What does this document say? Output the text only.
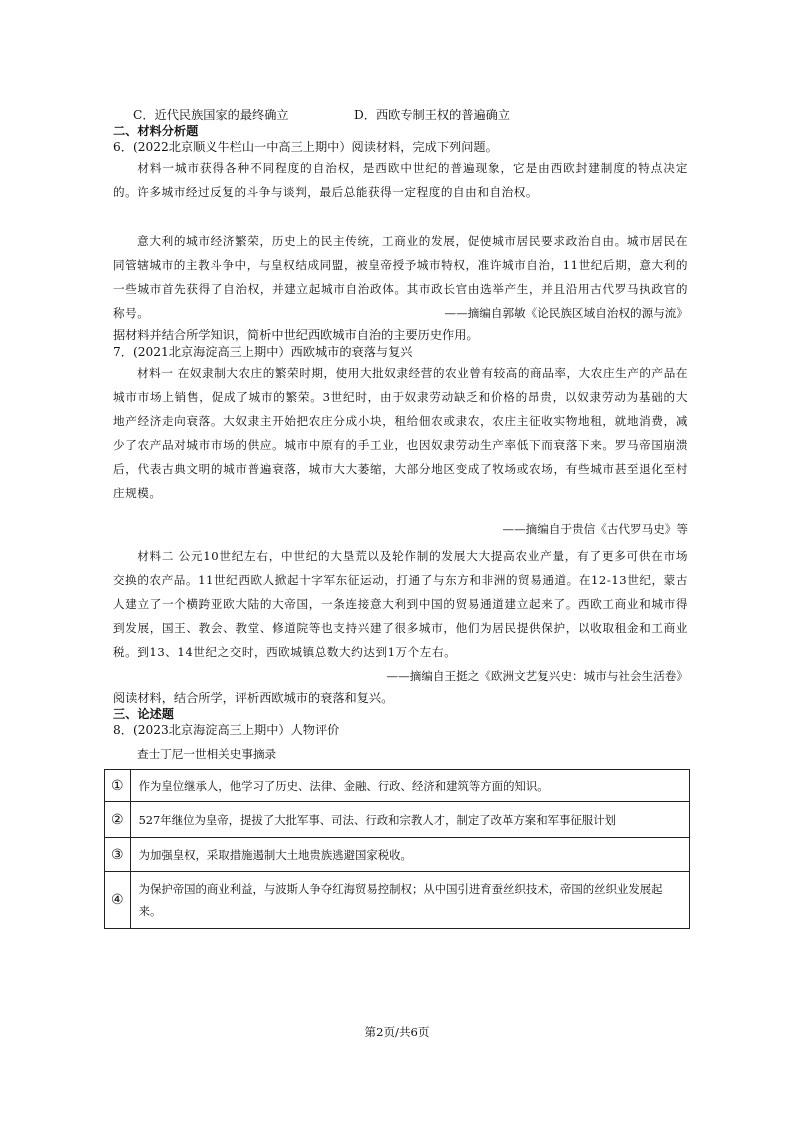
C．近代民族国家的最终确立	D．西欧专制王权的普遍确立
二、材料分析题
6．(2022北京顺义牛栏山一中高三上期中）阅读材料，完成下列问题。
材料一城市获得各种不同程度的自治权，是西欧中世纪的普遍现象，它是由西欧封建制度的特点决定的。许多城市经过反复的斗争与谈判，最后总能获得一定程度的自由和自治权。
意大利的城市经济繁荣，历史上的民主传统，工商业的发展，促使城市居民要求政治自由。城市居民在同管辖城市的主教斗争中，与皇权结成同盟，被皇帝授予城市特权，准许城市自治，11世纪后期，意大利的一些城市首先获得了自治权，并建立起城市自治政体。其市政长官由选举产生，并且沿用古代罗马执政官的称号。	——摘编自郭敏《论民族区域自治权的源与流》
据材料并结合所学知识，简析中世纪西欧城市自治的主要历史作用。
7．(2021北京海淀高三上期中）西欧城市的衰落与复兴
材料一 在奴隶制大农庄的繁荣时期，使用大批奴隶经营的农业曾有较高的商品率，大农庄生产的产品在城市市场上销售，促成了城市的繁荣。3世纪时，由于奴隶劳动缺乏和价格的昂贵，以奴隶劳动为基础的大地产经济走向衰落。大奴隶主开始把农庄分成小块，租给佃农或隶农，农庄主征收实物地租，就地消费，减少了农产品对城市市场的供应。城市中原有的手工业，也因奴隶劳动生产率低下而衰落下来。罗马帝国崩溃后，代表古典文明的城市普遍衰落，城市大大萎缩，大部分地区变成了牧场或农场，有些城市甚至退化至村庄规模。
——摘编自于贵信《古代罗马史》等
材料二 公元10世纪左右，中世纪的大垦荒以及轮作制的发展大大提高农业产量，有了更多可供在市场交换的农产品。11世纪西欧人掀起十字军东征运动，打通了与东方和非洲的贸易通道。在12-13世纪，蒙古人建立了一个横跨亚欧大陆的大帝国，一条连接意大利到中国的贸易通道建立起来了。西欧工商业和城市得到发展，国王、教会、教堂、修道院等也支持兴建了很多城市，他们为居民提供保护，以收取租金和工商业税。到13、14世纪之交时，西欧城镇总数大约达到1万个左右。
——摘编自王挺之《欧洲文艺复兴史：城市与社会生活卷》
阅读材料，结合所学，评析西欧城市的衰落和复兴。
三、论述题
8．(2023北京海淀高三上期中）人物评价
查士丁尼一世相关史事摘录
①	作为皇位继承人，他学习了历史、法律、金融、行政、经济和建筑等方面的知识。
②	527年继位为皇帝，提拔了大批军事、司法、行政和宗教人才，制定了改革方案和军事征服计划
③	为加强皇权，采取措施遏制大土地贵族逃避国家税收。
④	为保护帝国的商业利益，与波斯人争夺红海贸易控制权；从中国引进育蚕丝织技术，帝国的丝织业发展起来。
第2页/共6页
